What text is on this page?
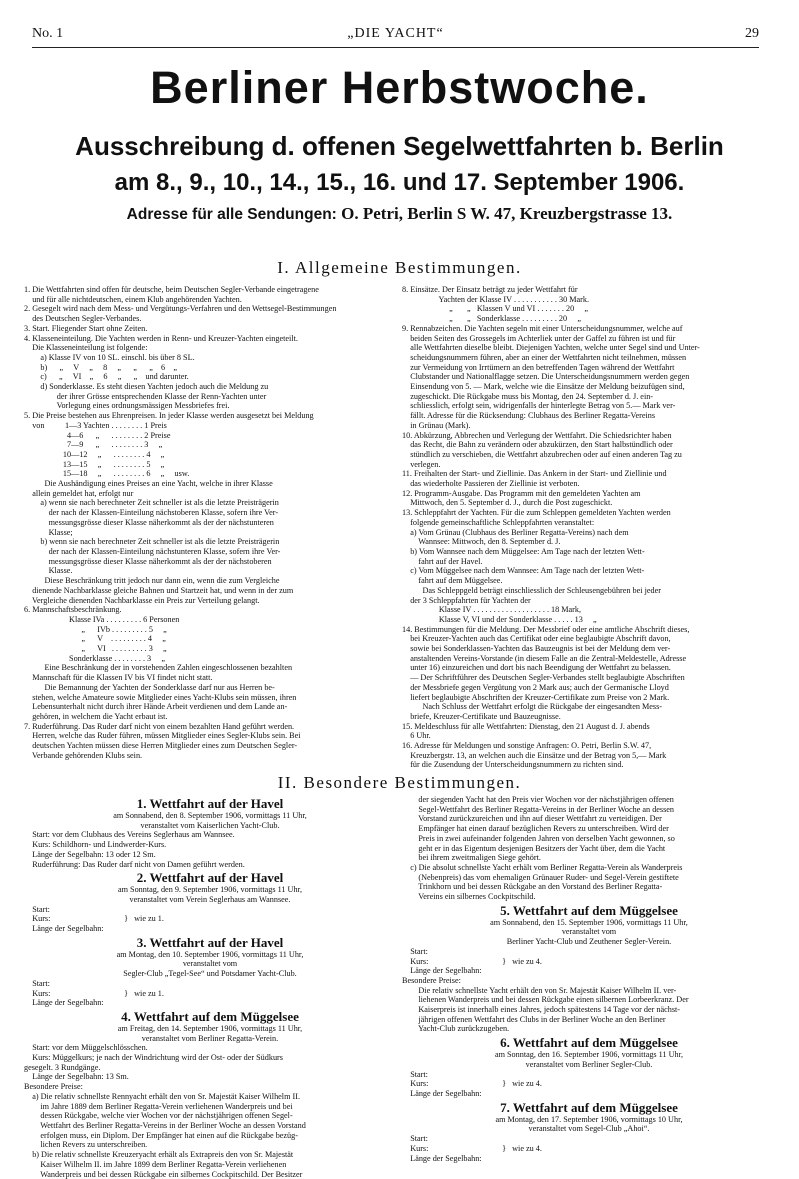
No. 1	„DIE YACHT“	29
Berliner Herbstwoche.
Ausschreibung d. offenen Segelwettfahrten b. Berlin
am 8., 9., 10., 14., 15., 16. und 17. September 1906.
Adresse für alle Sendungen: O. Petri, Berlin S W. 47, Kreuzbergstrasse 13.
I. Allgemeine Bestimmungen.
1. Die Wettfahrten sind offen für deutsche, beim Deutschen Segler-Verbande eingetragene
und für alle nichtdeutschen, einem Klub angehörenden Yachten.
2. Gesegelt wird nach dem Mess- und Vergütungs-Verfahren und den Wettsegel-Bestimmungen
des Deutschen Segler-Verbandes.
3. Start. Fliegender Start ohne Zeiten.
4. Klasseneinteilung. Die Yachten werden in Renn- und Kreuzer-Yachten eingeteilt.
Die Klasseneinteilung ist folgende:
a) Klasse IV von 10 SL. einschl. bis über 8 SL.
b)      „     V     „     8     „      „      „    6    „
c)      „     VI    „     6     „      „    und darunter.
d) Sonderklasse. Es steht diesen Yachten jedoch auch die Meldung zu
der ihrer Grösse entsprechenden Klasse der Renn-Yachten unter
Vorlegung eines ordnungsmässigen Messbriefes frei.
5. Die Preise bestehen aus Ehrenpreisen. In jeder Klasse werden ausgesetzt bei Meldung
von          1—3 Yachten . . . . . . . . 1 Preis
4—6      „      . . . . . . . . 2 Preise
7—9      „      . . . . . . . . 3     „
10—12     „      . . . . . . . . 4     „
13—15     „      . . . . . . . . 5     „
15—18     „      . . . . . . . . 6     „     usw.
Die Aushändigung eines Preises an eine Yacht, welche in ihrer Klasse
allein gemeldet hat, erfolgt nur
a) wenn sie nach berechneter Zeit schneller ist als die letzte Preisträgerin
der nach der Klassen-Einteilung nächstoberen Klasse, sofern ihre Ver-
messungsgrösse dieser Klasse näherkommt als der der nächstunteren
Klasse;
b) wenn sie nach berechneter Zeit schneller ist als die letzte Preisträgerin
der nach der Klassen-Einteilung nächstunteren Klasse, sofern ihre Ver-
messungsgrösse dieser Klasse näherkommt als der der nächstoberen
Klasse.
Diese Beschränkung tritt jedoch nur dann ein, wenn die zum Vergleiche
dienende Nachbarklasse gleiche Bahnen und Startzeit hat, und wenn in der zum
Vergleiche dienenden Nachbarklasse ein Preis zur Verteilung gelangt.
6. Mannschaftsbeschränkung.
Klasse IVa . . . . . . . . . 6 Personen
„      IVb . . . . . . . . . 5     „
„      V    . . . . . . . . . 4     „
„      VI   . . . . . . . . . 3     „
Sonderklasse . . . . . . . . 3     „
Eine Beschränkung der in vorstehenden Zahlen eingeschlossenen bezahlten
Mannschaft für die Klassen IV bis VI findet nicht statt.
Die Bemannung der Yachten der Sonderklasse darf nur aus Herren be-
stehen, welche Amateure sowie Mitglieder eines Yacht-Klubs sein müssen, ihren
Lebensunterhalt nicht durch ihrer Hände Arbeit verdienen und dem Lande an-
gehören, in welchem die Yacht erbaut ist.
7. Ruderführung. Das Ruder darf nicht von einem bezahlten Hand geführt werden.
Herren, welche das Ruder führen, müssen Mitglieder eines Segler-Klubs sein. Bei
deutschen Yachten müssen diese Herren Mitglieder eines zum Deutschen Segler-
Verbande gehörenden Klubs sein.
8. Einsätze. Der Einsatz beträgt zu jeder Wettfahrt für
Yachten der Klasse IV . . . . . . . . . . . 30 Mark.
„       „   Klassen V und VI . . . . . . . 20     „
„       „   Sonderklasse . . . . . . . . . 20     „
9. Rennabzeichen. Die Yachten segeln mit einer Unterscheidungsnummer, welche auf
beiden Seiten des Grossegels im Achterliek unter der Gaffel zu führen ist und für
alle Wettfahrten dieselbe bleibt. Diejenigen Yachten, welche unter Segel sind und Unter-
scheidungsnummern führen, aber an einer der Wettfahrten nicht teilnehmen, müssen
zur Vermeidung von Irrtümern an den betreffenden Tagen während der Wettfahrt
Clubstander und Nationalflagge setzen. Die Unterscheidungsnummern werden gegen
Einsendung von 5. — Mark, welche wie die Einsätze der Meldung beizufügen sind,
zugeschickt. Die Rückgabe muss bis Montag, den 24. September d. J. ein-
schliesslich, erfolgt sein, widrigenfalls der hinterlegte Betrag von 5.— Mark ver-
fällt. Adresse für die Rücksendung: Clubhaus des Berliner Regatta-Vereins
in Grünau (Mark).
10. Abkürzung, Abbrechen und Verlegung der Wettfahrt. Die Schiedsrichter haben
das Recht, die Bahn zu verändern oder abzukürzen, den Start halbstündlich oder
stündlich zu verschieben, die Wettfahrt abzubrechen oder auf einen anderen Tag zu
verlegen.
11. Freihalten der Start- und Ziellinie. Das Ankern in der Start- und Ziellinie und
das wiederholte Passieren der Ziellinie ist verboten.
12. Programm-Ausgabe. Das Programm mit den gemeldeten Yachten am
Mittwoch, den 5. September d. J., durch die Post zugeschickt.
13. Schleppfahrt der Yachten. Für die zum Schleppen gemeldeten Yachten werden
folgende gemeinschaftliche Schleppfahrten veranstaltet:
a) Vom Grünau (Clubhaus des Berliner Regatta-Vereins) nach dem
Wannsee: Mittwoch, den 8. September d. J.
b) Vom Wannsee nach dem Müggelsee: Am Tage nach der letzten Wett-
fahrt auf der Havel.
c) Vom Müggelsee nach dem Wannsee: Am Tage nach der letzten Wett-
fahrt auf dem Müggelsee.
Das Schleppgeld beträgt einschliesslich der Schleusengebühren bei jeder
der 3 Schleppfahrten für Yachten der
Klasse IV . . . . . . . . . . . . . . . . . . . 18 Mark,
Klasse V, VI und der Sonderklasse . . . . . 13     „
14. Bestimmungen für die Meldung. Der Messbrief oder eine amtliche Abschrift dieses,
bei Kreuzer-Yachten auch das Certifikat oder eine beglaubigte Abschrift davon,
sowie bei Sonderklassen-Yachten das Bauzeugnis ist bei der Meldung dem ver-
anstaltenden Vereins-Vorstande (in diesem Falle an die Zentral-Meldestelle, Adresse
unter 16) einzureichen und dort bis nach Beendigung der Wettfahrt zu belassen.
— Der Schriftführer des Deutschen Segler-Verbandes stellt beglaubigte Abschriften
der Messbriefe gegen Vergütung von 2 Mark aus; auch der Germanische Lloyd
liefert beglaubigte Abschriften der Kreuzer-Certifikate zum Preise von 2 Mark.
Nach Schluss der Wettfahrt erfolgt die Rückgabe der eingesandten Mess-
briefe, Kreuzer-Certifikate und Bauzeugnisse.
15. Meldeschluss für alle Wettfahrten: Dienstag, den 21 August d. J. abends
6 Uhr.
16. Adresse für Meldungen und sonstige Anfragen: O. Petri, Berlin S.W. 47,
Kreuzbergstr. 13, an welchen auch die Einsätze und der Betrag von 5,— Mark
für die Zusendung der Unterscheidungsnummern zu richten sind.
II. Besondere Bestimmungen.
1. Wettfahrt auf der Havel
am Sonnabend, den 8. September 1906, vormittags 11 Uhr,
veranstaltet vom Kaiserlichen Yacht-Club.
Start: vor dem Clubhaus des Vereins Seglerhaus am Wannsee.
Kurs: Schildhorn- und Lindwerder-Kurs.
Länge der Segelbahn: 13 oder 12 Sm.
Ruderführung: Das Ruder darf nicht von Damen geführt werden.
2. Wettfahrt auf der Havel
am Sonntag, den 9. September 1906, vormittags 11 Uhr,
veranstaltet vom Verein Seglerhaus am Wannsee.
Start:
Kurs:                                    }   wie zu 1.
Länge der Segelbahn:
3. Wettfahrt auf der Havel
am Montag, den 10. September 1906, vormittags 11 Uhr,
veranstaltet vom
Segler-Club „Tegel-See“ und Potsdamer Yacht-Club.
Start:
Kurs:                                    }   wie zu 1.
Länge der Segelbahn:
4. Wettfahrt auf dem Müggelsee
am Freitag, den 14. September 1906, vormittags 11 Uhr,
veranstaltet vom Berliner Regatta-Verein.
Start: vor dem Müggelschlösschen.
Kurs: Müggelkurs; je nach der Windrichtung wird der Ost- oder der Südkurs
gesegelt. 3 Rundgänge.
Länge der Segelbahn: 13 Sm.
Besondere Preise:
a) Die relativ schnellste Rennyacht erhält den von Sr. Majestät Kaiser Wilhelm II.
im Jahre 1889 dem Berliner Regatta-Verein verliehenen Wanderpreis und bei
dessen Rückgabe, welche vier Wochen vor der nächstjährigen offenen Segel-
Wettfahrt des Berliner Regatta-Vereins in der Berliner Woche an dessen Vorstand
erfolgen muss, ein Diplom. Der Empfänger hat einen auf die Rückgabe bezüg-
lichen Revers zu unterschreiben.
b) Die relativ schnellste Kreuzeryacht erhält als Extrapreis den von Sr. Majestät
Kaiser Wilhelm II. im Jahre 1899 dem Berliner Regatta-Verein verliehenen
Wanderpreis und bei dessen Rückgabe ein silbernes Cockpitschild. Der Besitzer
der siegenden Yacht hat den Preis vier Wochen vor der nächstjährigen offenen
Segel-Wettfahrt des Berliner Regatta-Vereins in der Berliner Woche an dessen
Vorstand zurückzureichen und ihn auf dieser Wettfahrt zu verteidigen. Der
Empfänger hat einen darauf bezüglichen Revers zu unterschreiben. Wird der
Preis in zwei aufeinander folgenden Jahren von derselben Yacht gewonnen, so
geht er in das Eigentum desjenigen Besitzers der Yacht über, dem die Yacht
bei ihrem zweitmaligen Siege gehört.
c) Die absolut schnellste Yacht erhält vom Berliner Regatta-Verein als Wanderpreis
(Nebenpreis) das vom ehemaligen Grünauer Ruder- und Segel-Verein gestiftete
Trinkhorn und bei dessen Rückgabe an den Vorstand des Berliner Regatta-
Vereins ein silbernes Cockpitschild.
5. Wettfahrt auf dem Müggelsee
am Sonnabend, den 15. September 1906, vormittags 11 Uhr,
veranstaltet vom
Berliner Yacht-Club und Zeuthener Segler-Verein.
Start:
Kurs:                                    }   wie zu 4.
Länge der Segelbahn:
Besondere Preise:
Die relativ schnellste Yacht erhält den von Sr. Majestät Kaiser Wilhelm II. ver-
liehenen Wanderpreis und bei dessen Rückgabe einen silbernen Lorbeerkranz. Der
Kaiserpreis ist innerhalb eines Jahres, jedoch spätestens 14 Tage vor der nächst-
jährigen offenen Wettfahrt des Clubs in der Berliner Woche an den Berliner
Yacht-Club zurückzugeben.
6. Wettfahrt auf dem Müggelsee
am Sonntag, den 16. September 1906, vormittags 11 Uhr,
veranstaltet vom Berliner Segler-Club.
Start:
Kurs:                                    }   wie zu 4.
Länge der Segelbahn:
7. Wettfahrt auf dem Müggelsee
am Montag, den 17. September 1906, vormittags 10 Uhr,
veranstaltet vom Segel-Club „Ahoi“.
Start:
Kurs:                                    }   wie zu 4.
Länge der Segelbahn:
